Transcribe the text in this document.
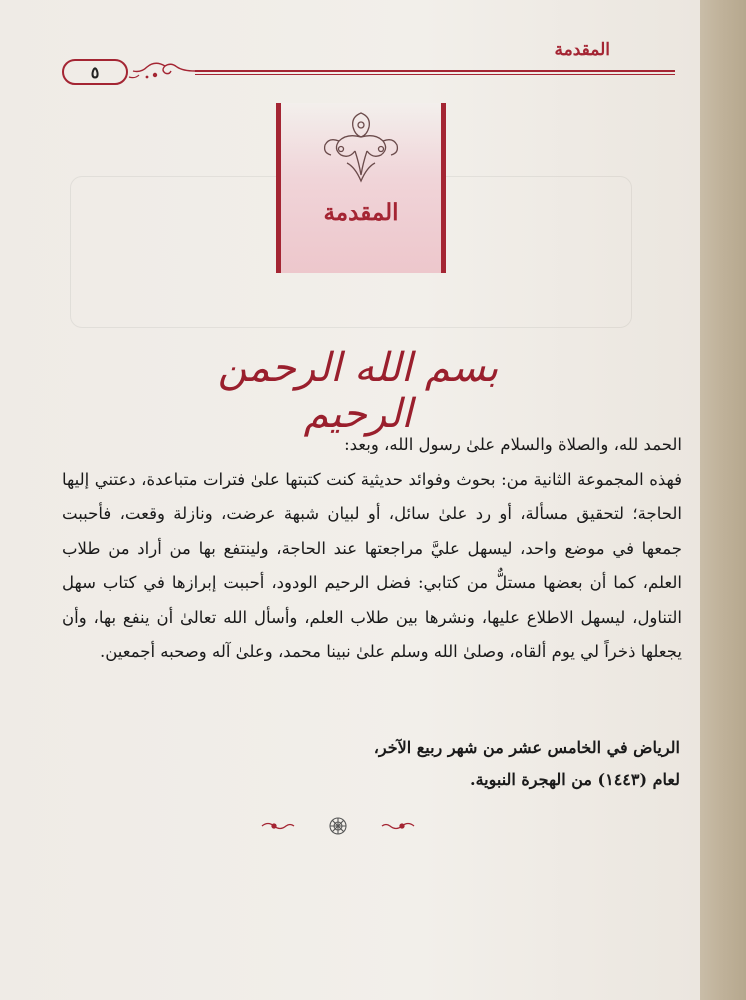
المقدمة
٥
المقدمة
بسم الله الرحمن الرحيم

الحمد لله، والصلاة والسلام علىٰ رسول الله، وبعد:

فهذه المجموعة الثانية من: بحوث وفوائد حديثية كنت كتبتها علىٰ فترات متباعدة، دعتني إليها الحاجة؛ لتحقيق مسألة، أو رد علىٰ سائل، أو لبيان شبهة عرضت، ونازلة وقعت، فأحببت جمعها في موضع واحد، ليسهل عليَّ مراجعتها عند الحاجة، ولينتفع بها من أراد من طلاب العلم، كما أن بعضها مستلٌّ من كتابي: فضل الرحيم الودود، أحببت إبرازها في كتاب سهل التناول، ليسهل الاطلاع عليها، ونشرها بين طلاب العلم، وأسأل الله تعالىٰ أن ينفع بها، وأن يجعلها ذخراً لي يوم ألقاه، وصلىٰ الله وسلم علىٰ نبينا محمد، وعلىٰ آله وصحبه أجمعين.

الرياض في الخامس عشر من شهر ربيع الآخر،

لعام (١٤٤٣) من الهجرة النبوية.
